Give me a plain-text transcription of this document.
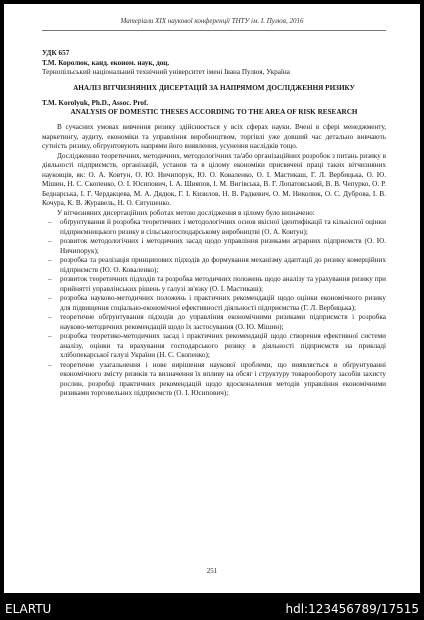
Матеріали ХІХ наукової конференції ТНТУ ім. І. Пулюя, 2016
УДК 657
Т.М. Королюк, канд. економ. наук, доц.
Тернопільський національний технічний університет імені Івана Пулюя, Україна
АНАЛІЗ ВІТЧИЗНЯНИХ ДИСЕРТАЦІЙ ЗА НАПРЯМОМ ДОСЛІДЖЕННЯ РИЗИКУ
T.M. Korolyuk, Ph.D., Assoc. Prof.
ANALYSIS OF DOMESTIC THESES ACCORDING TO THE AREA OF RISK RESEARCH

В сучасних умовах вивчення ризику здійснюється у всіх сферах науки. Вчені в сфері менеджменту, маркетингу, аудиту, економіки та управління виробництвом, торгівлі уже довший час детально вивчають сутність ризику, обгрунтовують напрями його виявлення, усунення наслідків тощо.

Дослідженню теоретичних, методичних, методологічних та/або організаційних розробок з питань ризику в діяльності підприємств, організацій, установ та в цілому економіки присвячені праці таких вітчизняних науковців, як: О. А. Ковтун, О. Ю. Ничипорук, Ю. О. Коваленко, О. І. Мастикаш, Г. Л. Вербицька, О. Ю. Мішин, Н. С. Скопенко, О. І. Юсипович, І. А. Шияпов, І. М. Вигівська, В. Г. Лопатовський, В. В. Чепурко, О. Р. Беднарська, І. Г. Чердакцева, М. А. Дядюк, Г. І. Кизилов, Н. В. Радкевич, О. М. Николюк, О. С. Дуброва, І. В. Кочура, К. В. Журавель, Н. О. Євтушенко.

У вітчизняних дисертаційних роботах метою дослідження в цілому було визначено:

– обґрунтування й розробка теоретичних і методологічних основ якісної ідентифікації та кількісної оцінки підприємницького ризику в сільськогосподарському виробництві (О. А. Ковтун);
– розвиток методологічних і методичних засад щодо управління ризиками аграрних підприємств (О. Ю. Ничипорук);
– розробка та реалізація принципових підходів до формування механізму адаптації до ризику комерційних підприємств (Ю. О. Коваленко);
– розвиток теоретичних підходів та розробка методичних положень щодо аналізу та урахування ризику при прийнятті управлінських рішень у галузі зв'язку (О. І. Мастикаш);
– розробка науково-методичних положень і практичних рекомендацій щодо оцінки економічного ризику для підвищення соціально-економічної ефективності діяльності підприємства (Г. Л. Вербицька);
– теоретичне обґрунтування підходів до управління економічними ризиками підприємств і розробка науково-методичних рекомендацій щодо їх застосування (О. Ю. Мішин);
– розробка теоретико-методичних засад і практичних рекомендацій щодо створення ефективної системи аналізу, оцінки та врахування господарського ризику в діяльності підприємств на прикладі хлібопекарської галузі України (Н. С. Скопенко);
– теоретичне узагальнення і нове вирішення наукової проблеми, що виявляється в обґрунтуванні економічного змісту ризиків та визначення їх впливу на обсяг і структуру товарообороту засобів захисту рослин, розробці практичних рекомендацій щодо вдосконалення методів управління економічними ризиками торговельних підприємств (О. І. Юсипович);
251
ELARTU	hdl:123456789/17515
